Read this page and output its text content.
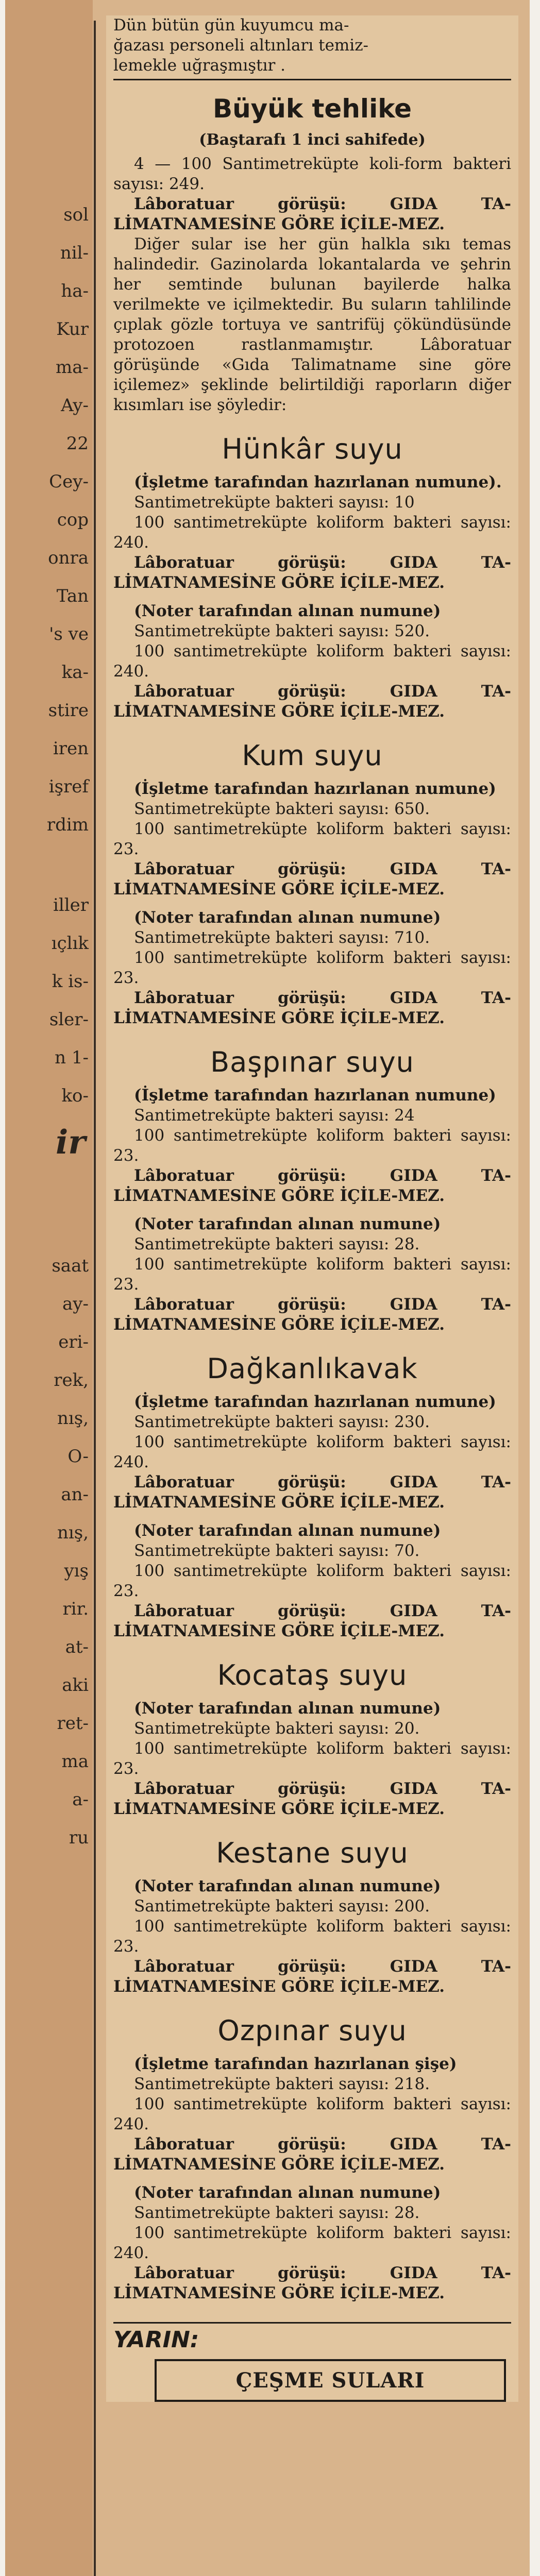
sol
nil-
ha-
Kur
ma-
Ay-
22
Cey-
cop
onra
Tan
's ve
ka-
stire
iren
işref
rdim
iller
ıçlık
k is-
sler-
n 1-
ko-
ir
saat
ay-
eri-
rek,
nış,
O-
an-
nış,
yış
rir.
at-
aki
ret-
ma
a-
ru

Dün bütün gün kuyumcu ma-

ğazası personeli altınları temiz-

lemekle uğraşmıştır .

Büyük tehlike
(Baştarafı 1 inci sahifede)

4 — 100 Santimetreküpte koli-form bakteri sayısı: 249.

Lâboratuar görüşü: GIDA TA-LİMATNAMESİNE GÖRE İÇİLE-MEZ.

Diğer sular ise her gün halkla sıkı temas halindedir. Gazinolarda lokantalarda ve şehrin her semtinde bulunan bayilerde halka verilmekte ve içilmektedir. Bu suların tahlilinde çıplak gözle tortuya ve santrifüj çökündüsünde protozoen rastlanmamıştır. Lâboratuar görüşünde «Gıda Talimatname sine göre içilemez» şeklinde belirtildiği raporların diğer kısımları ise şöyledir:

Hünkâr suyu

(İşletme tarafından hazırlanan numune).

Santimetreküpte bakteri sayısı: 10

100 santimetreküpte koliform bakteri sayısı: 240.

Lâboratuar görüşü: GIDA TA-LİMATNAMESİNE GÖRE İÇİLE-MEZ.

(Noter tarafından alınan numune)

Santimetreküpte bakteri sayısı: 520.

100 santimetreküpte koliform bakteri sayısı: 240.

Lâboratuar görüşü: GIDA TA-LİMATNAMESİNE GÖRE İÇİLE-MEZ.

Kum suyu

(İşletme tarafından hazırlanan numune)

Santimetreküpte bakteri sayısı: 650.

100 santimetreküpte koliform bakteri sayısı: 23.

Lâboratuar görüşü: GIDA TA-LİMATNAMESİNE GÖRE İÇİLE-MEZ.

(Noter tarafından alınan numune)

Santimetreküpte bakteri sayısı: 710.

100 santimetreküpte koliform bakteri sayısı: 23.

Lâboratuar görüşü: GIDA TA-LİMATNAMESİNE GÖRE İÇİLE-MEZ.

Başpınar suyu

(İşletme tarafından hazırlanan numune)

Santimetreküpte bakteri sayısı: 24

100 santimetreküpte koliform bakteri sayısı: 23.

Lâboratuar görüşü: GIDA TA-LİMATNAMESİNE GÖRE İÇİLE-MEZ.

(Noter tarafından alınan numune)

Santimetreküpte bakteri sayısı: 28.

100 santimetreküpte koliform bakteri sayısı: 23.

Lâboratuar görüşü: GIDA TA-LİMATNAMESİNE GÖRE İÇİLE-MEZ.

Dağkanlıkavak

(İşletme tarafından hazırlanan numune)

Santimetreküpte bakteri sayısı: 230.

100 santimetreküpte koliform bakteri sayısı: 240.

Lâboratuar görüşü: GIDA TA-LİMATNAMESİNE GÖRE İÇİLE-MEZ.

(Noter tarafından alınan numune)

Santimetreküpte bakteri sayısı: 70.

100 santimetreküpte koliform bakteri sayısı: 23.

Lâboratuar görüşü: GIDA TA-LİMATNAMESİNE GÖRE İÇİLE-MEZ.

Kocataş suyu

(Noter tarafından alınan numune)

Santimetreküpte bakteri sayısı: 20.

100 santimetreküpte koliform bakteri sayısı: 23.

Lâboratuar görüşü: GIDA TA-LİMATNAMESİNE GÖRE İÇİLE-MEZ.

Kestane suyu

(Noter tarafından alınan numune)

Santimetreküpte bakteri sayısı: 200.

100 santimetreküpte koliform bakteri sayısı: 23.

Lâboratuar görüşü: GIDA TA-LİMATNAMESİNE GÖRE İÇİLE-MEZ.

Ozpınar suyu

(İşletme tarafından hazırlanan şişe)

Santimetreküpte bakteri sayısı: 218.

100 santimetreküpte koliform bakteri sayısı: 240.

Lâboratuar görüşü: GIDA TA-LİMATNAMESİNE GÖRE İÇİLE-MEZ.

(Noter tarafından alınan numune)

Santimetreküpte bakteri sayısı: 28.

100 santimetreküpte koliform bakteri sayısı: 240.

Lâboratuar görüşü: GIDA TA-LİMATNAMESİNE GÖRE İÇİLE-MEZ.

YARIN:

ÇEŞME SULARI
